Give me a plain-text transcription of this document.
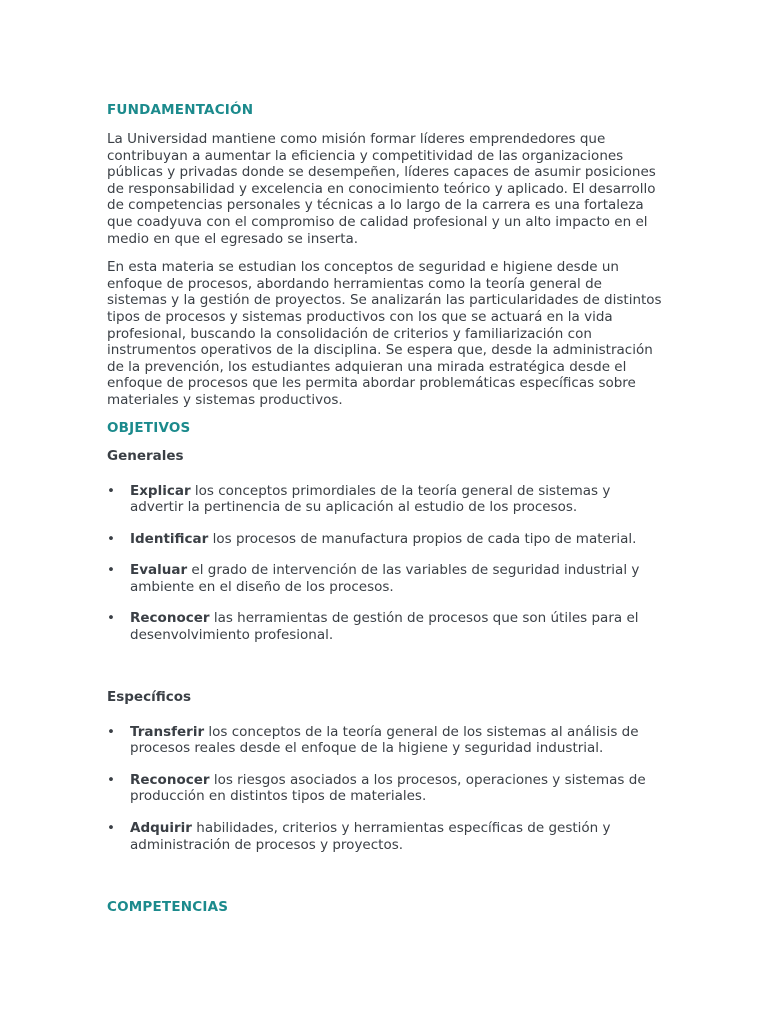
FUNDAMENTACIÓN

La Universidad mantiene como misión formar líderes emprendedores que contribuyan a aumentar la eficiencia y competitividad de las organizaciones públicas y privadas donde se desempeñen, líderes capaces de asumir posiciones de responsabilidad y excelencia en conocimiento teórico y aplicado. El desarrollo de competencias personales y técnicas a lo largo de la carrera es una fortaleza que coadyuva con el compromiso de calidad profesional y un alto impacto en el medio en que el egresado se inserta.

En esta materia se estudian los conceptos de seguridad e higiene desde un enfoque de procesos, abordando herramientas como la teoría general de sistemas y la gestión de proyectos. Se analizarán las particularidades de distintos tipos de procesos y sistemas productivos con los que se actuará en la vida profesional, buscando la consolidación de criterios y familiarización con instrumentos operativos de la disciplina. Se espera que, desde la administración de la prevención, los estudiantes adquieran una mirada estratégica desde el enfoque de procesos que les permita abordar problemáticas específicas sobre materiales y sistemas productivos.

OBJETIVOS
Generales
• Explicar los conceptos primordiales de la teoría general de sistemas y advertir la pertinencia de su aplicación al estudio de los procesos.
• Identificar los procesos de manufactura propios de cada tipo de material.
• Evaluar el grado de intervención de las variables de seguridad industrial y ambiente en el diseño de los procesos.
• Reconocer las herramientas de gestión de procesos que son útiles para el desenvolvimiento profesional.
Específicos
• Transferir los conceptos de la teoría general de los sistemas al análisis de procesos reales desde el enfoque de la higiene y seguridad industrial.
• Reconocer los riesgos asociados a los procesos, operaciones y sistemas de producción en distintos tipos de materiales.
• Adquirir habilidades, criterios y herramientas específicas de gestión y administración de procesos y proyectos.
COMPETENCIAS
